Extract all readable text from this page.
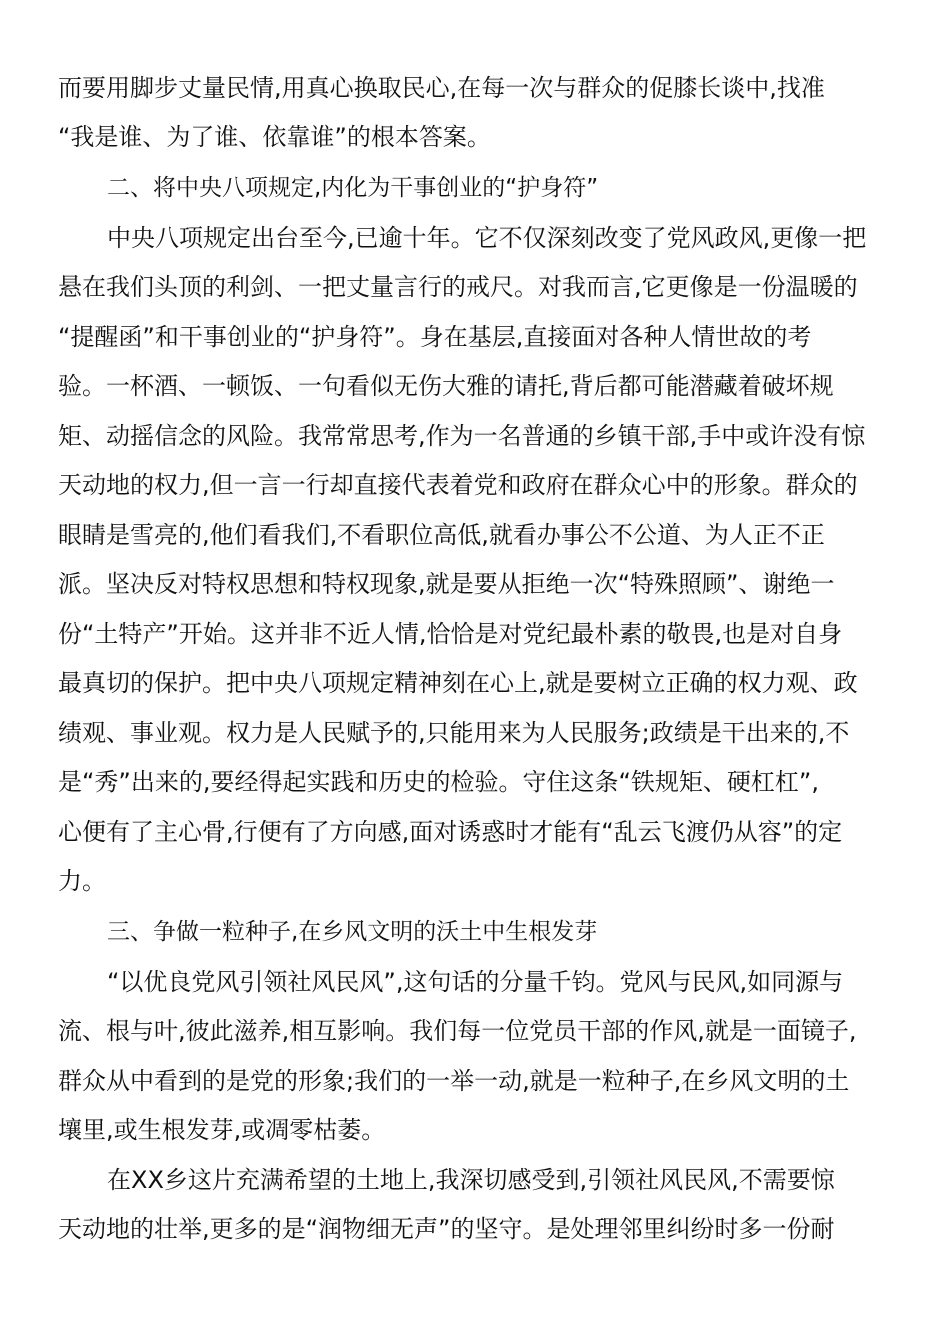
而要用脚步丈量民情,用真心换取民心,在每一次与群众的促膝长谈中,找准
“我是谁、为了谁、依靠谁”的根本答案。
二、将中央八项规定,内化为干事创业的“护身符”
中央八项规定出台至今,已逾十年。它不仅深刻改变了党风政风,更像一把
悬在我们头顶的利剑、一把丈量言行的戒尺。对我而言,它更像是一份温暖的
“提醒函”和干事创业的“护身符”。身在基层,直接面对各种人情世故的考
验。一杯酒、一顿饭、一句看似无伤大雅的请托,背后都可能潜藏着破坏规
矩、动摇信念的风险。我常常思考,作为一名普通的乡镇干部,手中或许没有惊
天动地的权力,但一言一行却直接代表着党和政府在群众心中的形象。群众的
眼睛是雪亮的,他们看我们,不看职位高低,就看办事公不公道、为人正不正
派。坚决反对特权思想和特权现象,就是要从拒绝一次“特殊照顾”、谢绝一
份“土特产”开始。这并非不近人情,恰恰是对党纪最朴素的敬畏,也是对自身
最真切的保护。把中央八项规定精神刻在心上,就是要树立正确的权力观、政
绩观、事业观。权力是人民赋予的,只能用来为人民服务;政绩是干出来的,不
是“秀”出来的,要经得起实践和历史的检验。守住这条“铁规矩、硬杠杠”,
心便有了主心骨,行便有了方向感,面对诱惑时才能有“乱云飞渡仍从容”的定
力。
三、争做一粒种子,在乡风文明的沃土中生根发芽
“以优良党风引领社风民风”,这句话的分量千钧。党风与民风,如同源与
流、根与叶,彼此滋养,相互影响。我们每一位党员干部的作风,就是一面镜子,
群众从中看到的是党的形象;我们的一举一动,就是一粒种子,在乡风文明的土
壤里,或生根发芽,或凋零枯萎。
在XX乡这片充满希望的土地上,我深切感受到,引领社风民风,不需要惊
天动地的壮举,更多的是“润物细无声”的坚守。是处理邻里纠纷时多一份耐
